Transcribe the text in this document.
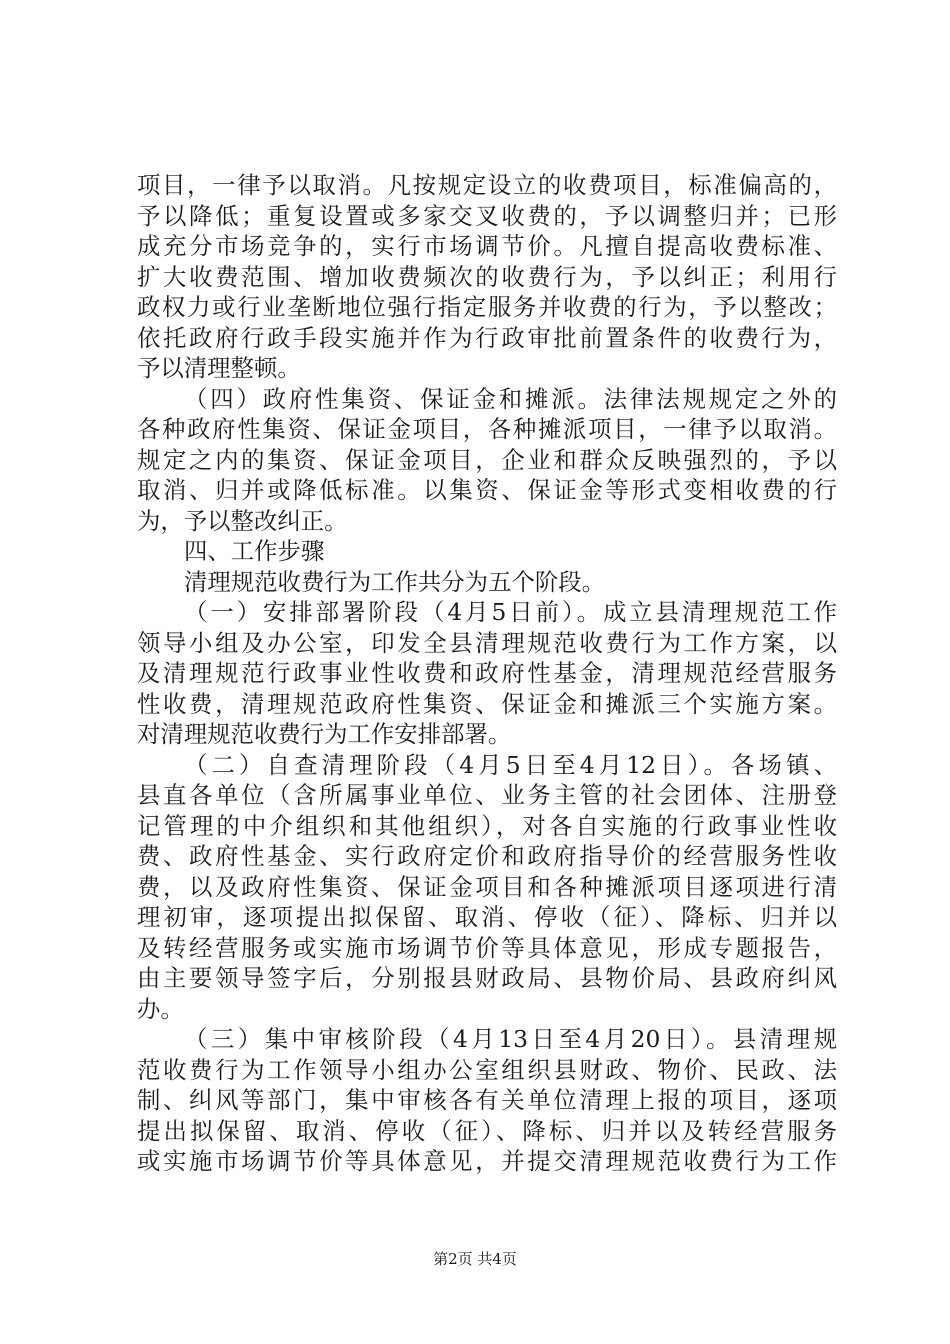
项目，一律予以取消。凡按规定设立的收费项目，标准偏高的，
予以降低；重复设置或多家交叉收费的，予以调整归并；已形
成充分市场竞争的，实行市场调节价。凡擅自提高收费标准、
扩大收费范围、增加收费频次的收费行为，予以纠正；利用行
政权力或行业垄断地位强行指定服务并收费的行为，予以整改；
依托政府行政手段实施并作为行政审批前置条件的收费行为，
予以清理整顿。
（四）政府性集资、保证金和摊派。法律法规规定之外的
各种政府性集资、保证金项目，各种摊派项目，一律予以取消。
规定之内的集资、保证金项目，企业和群众反映强烈的，予以
取消、归并或降低标准。以集资、保证金等形式变相收费的行
为，予以整改纠正。
四、工作步骤
清理规范收费行为工作共分为五个阶段。
（一）安排部署阶段（4月5日前）。成立县清理规范工作
领导小组及办公室，印发全县清理规范收费行为工作方案，以
及清理规范行政事业性收费和政府性基金，清理规范经营服务
性收费，清理规范政府性集资、保证金和摊派三个实施方案。
对清理规范收费行为工作安排部署。
（二）自查清理阶段（4月5日至4月12日）。各场镇、
县直各单位（含所属事业单位、业务主管的社会团体、注册登
记管理的中介组织和其他组织），对各自实施的行政事业性收
费、政府性基金、实行政府定价和政府指导价的经营服务性收
费，以及政府性集资、保证金项目和各种摊派项目逐项进行清
理初审，逐项提出拟保留、取消、停收（征）、降标、归并以
及转经营服务或实施市场调节价等具体意见，形成专题报告，
由主要领导签字后，分别报县财政局、县物价局、县政府纠风
办。
（三）集中审核阶段（4月13日至4月20日）。县清理规
范收费行为工作领导小组办公室组织县财政、物价、民政、法
制、纠风等部门，集中审核各有关单位清理上报的项目，逐项
提出拟保留、取消、停收（征）、降标、归并以及转经营服务
或实施市场调节价等具体意见，并提交清理规范收费行为工作
第2页 共4页
